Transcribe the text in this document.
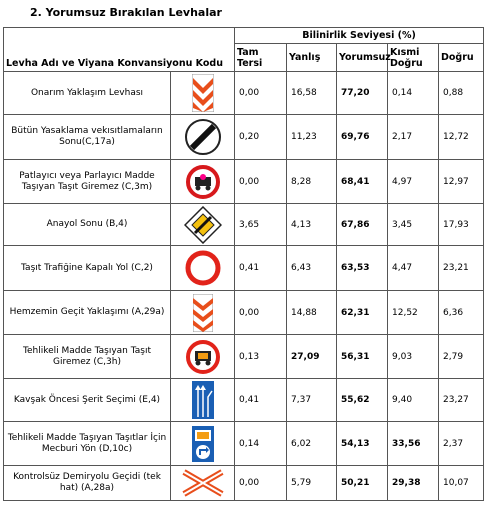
2. Yorumsuz Bırakılan Levhalar
Levha Adı ve Viyana Konvansiyonu Kodu		Bilinirlik Seviyesi (%)				
		Tam Tersi	Yanlış	Yorumsuz	Kısmi Doğru	Doğru
Onarım Yaklaşım Levhası		0,00	16,58	77,20	0,14	0,88
Bütün Yasaklama vekısıtlamaların Sonu(C,17a)		0,20	11,23	69,76	2,17	12,72
Patlayıcı veya Parlayıcı Madde Taşıyan Taşıt Giremez (C,3m)		0,00	8,28	68,41	4,97	12,97
Anayol Sonu (B,4)		3,65	4,13	67,86	3,45	17,93
Taşıt Trafiğine Kapalı Yol (C,2)		0,41	6,43	63,53	4,47	23,21
Hemzemin Geçit Yaklaşımı (A,29a)		0,00	14,88	62,31	12,52	6,36
Tehlikeli Madde Taşıyan Taşıt Giremez (C,3h)		0,13	27,09	56,31	9,03	2,79
Kavşak Öncesi Şerit Seçimi (E,4)		0,41	7,37	55,62	9,40	23,27
Tehlikeli Madde Taşıyan Taşıtlar İçin Mecburi Yön (D,10c)		0,14	6,02	54,13	33,56	2,37
Kontrolsüz Demiryolu Geçidi (tek hat) (A,28a)		0,00	5,79	50,21	29,38	10,07
